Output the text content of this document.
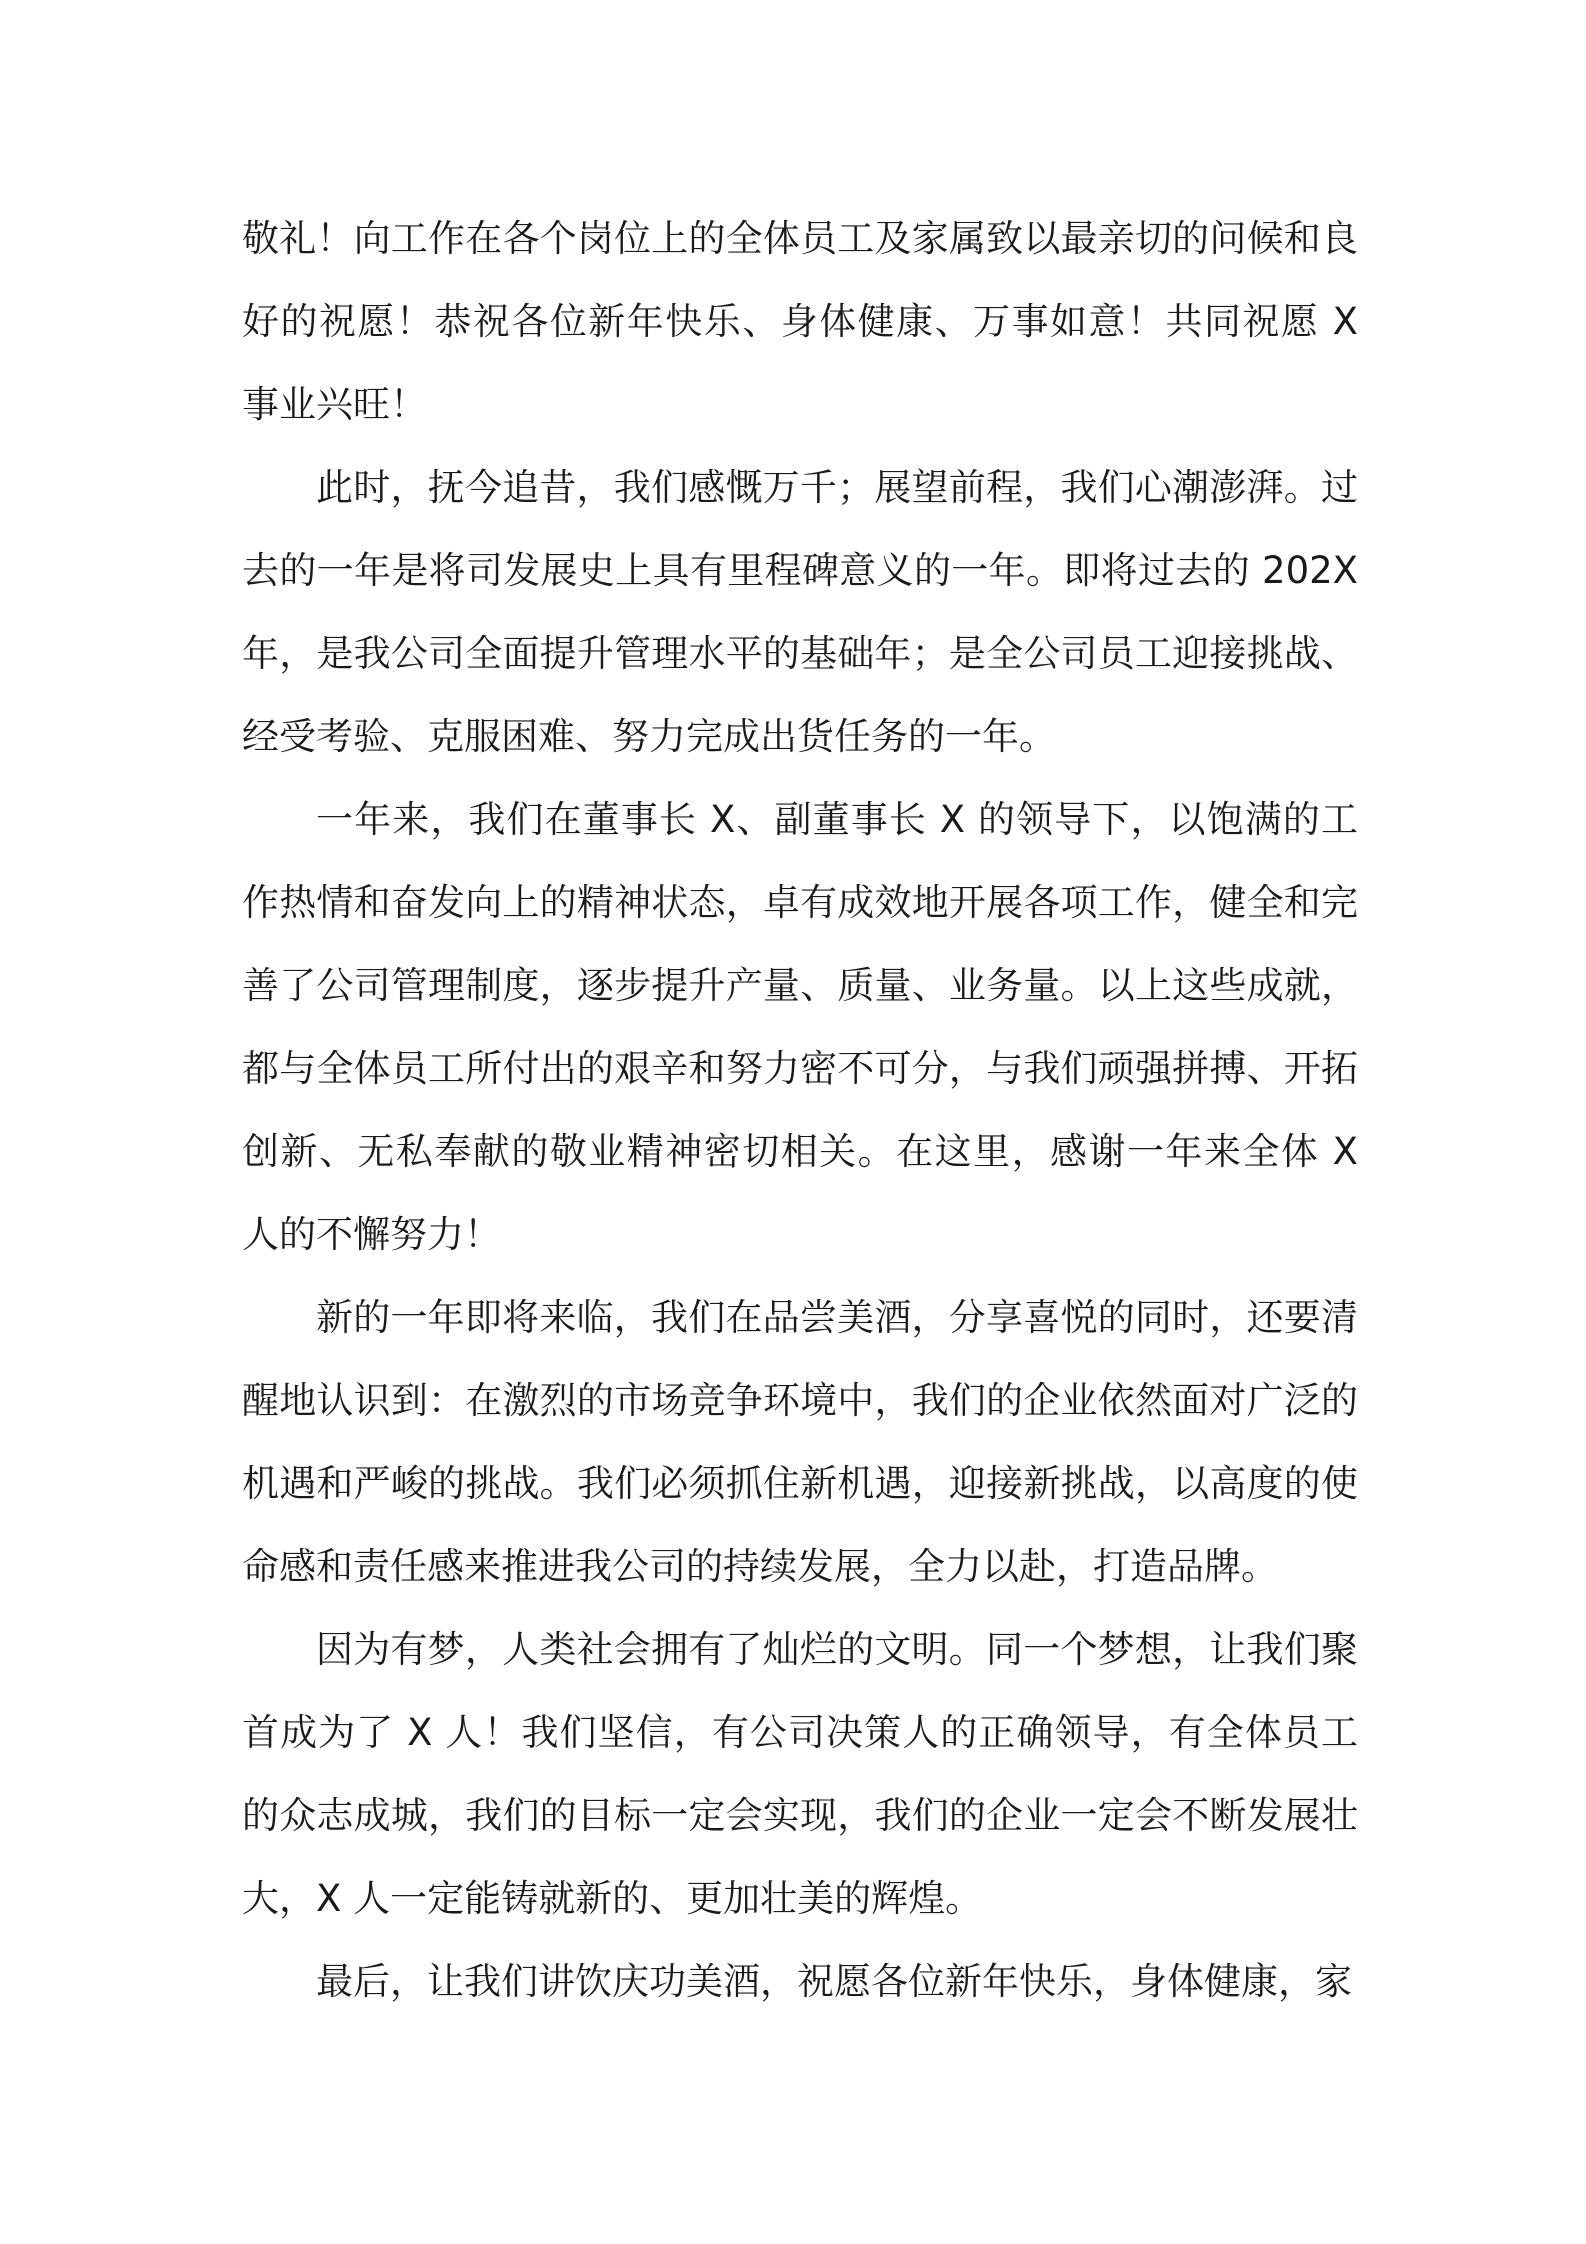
敬礼！向工作在各个岗位上的全体员工及家属致以最亲切的问候和良好的祝愿！恭祝各位新年快乐、身体健康、万事如意！共同祝愿 X 事业兴旺！

此时，抚今追昔，我们感慨万千；展望前程，我们心潮澎湃。过去的一年是将司发展史上具有里程碑意义的一年。即将过去的 202X 年，是我公司全面提升管理水平的基础年；是全公司员工迎接挑战、经受考验、克服困难、努力完成出货任务的一年。

一年来，我们在董事长 X、副董事长 X 的领导下，以饱满的工作热情和奋发向上的精神状态，卓有成效地开展各项工作，健全和完善了公司管理制度，逐步提升产量、质量、业务量。以上这些成就，都与全体员工所付出的艰辛和努力密不可分，与我们顽强拼搏、开拓创新、无私奉献的敬业精神密切相关。在这里，感谢一年来全体 X 人的不懈努力！

新的一年即将来临，我们在品尝美酒，分享喜悦的同时，还要清醒地认识到：在激烈的市场竞争环境中，我们的企业依然面对广泛的机遇和严峻的挑战。我们必须抓住新机遇，迎接新挑战，以高度的使命感和责任感来推进我公司的持续发展，全力以赴，打造品牌。

因为有梦，人类社会拥有了灿烂的文明。同一个梦想，让我们聚首成为了 X 人！我们坚信，有公司决策人的正确领导，有全体员工的众志成城，我们的目标一定会实现，我们的企业一定会不断发展壮大，X 人一定能铸就新的、更加壮美的辉煌。

最后，让我们讲饮庆功美酒，祝愿各位新年快乐，身体健康，家
